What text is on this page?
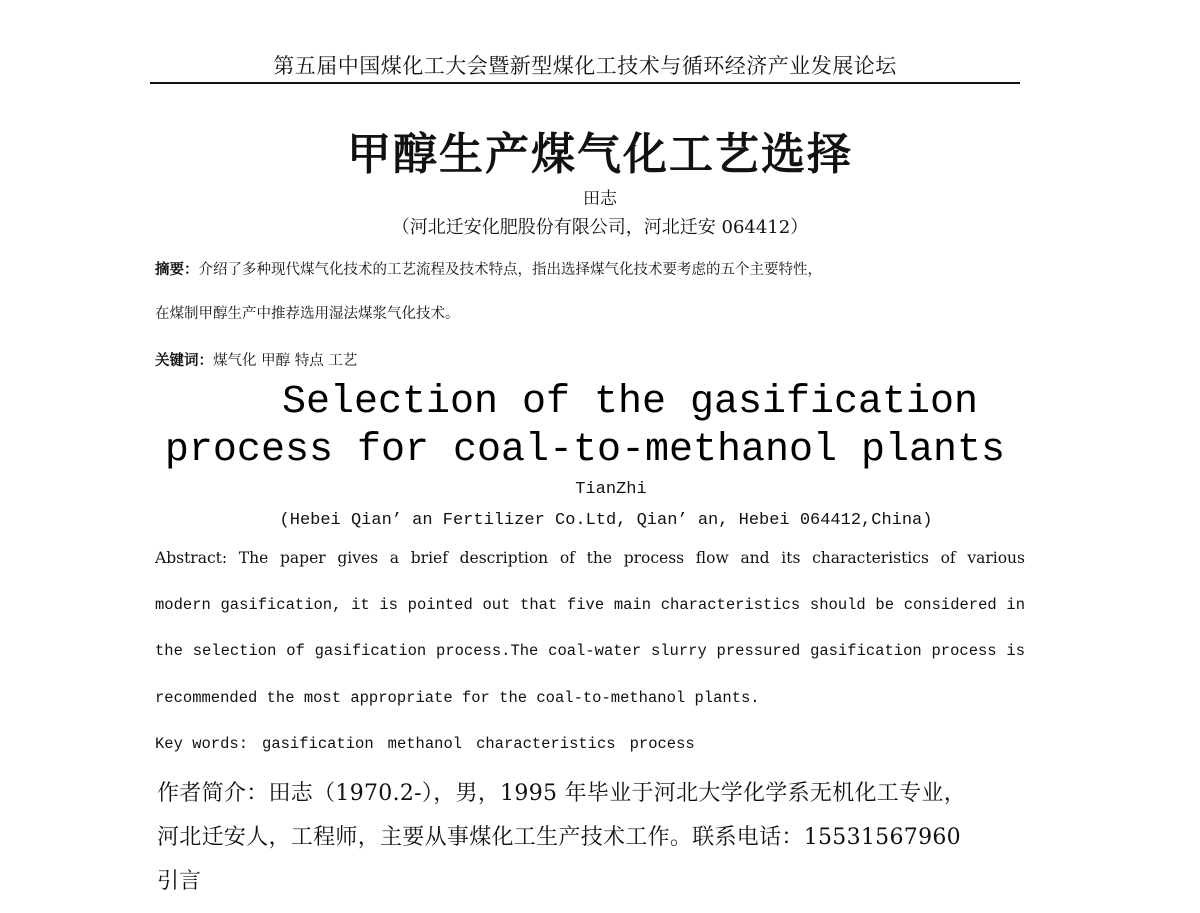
第五届中国煤化工大会暨新型煤化工技术与循环经济产业发展论坛
甲醇生产煤气化工艺选择
田志
（河北迁安化肥股份有限公司，河北迁安 064412）
摘要：介绍了多种现代煤气化技术的工艺流程及技术特点，指出选择煤气化技术要考虑的五个主要特性，
在煤制甲醇生产中推荐选用湿法煤浆气化技术。
关键词：煤气化 甲醇 特点 工艺
Selection of the gasification
process for coal-to-methanol plants
TianZhi
(Hebei Qian’ an Fertilizer Co.Ltd, Qian’ an, Hebei 064412,China)
Abstract: The paper gives a brief description of the process flow and its characteristics of various
modern gasification, it is pointed out that five main characteristics should be considered in
the selection of gasification process.The coal-water slurry pressured gasification process is
recommended the most appropriate for the coal-to-methanol plants.
Key words: gasification methanol characteristics process
作者简介：田志（1970.2-），男，1995 年毕业于河北大学化学系无机化工专业，
河北迁安人，工程师，主要从事煤化工生产技术工作。联系电话：15531567960
引言
